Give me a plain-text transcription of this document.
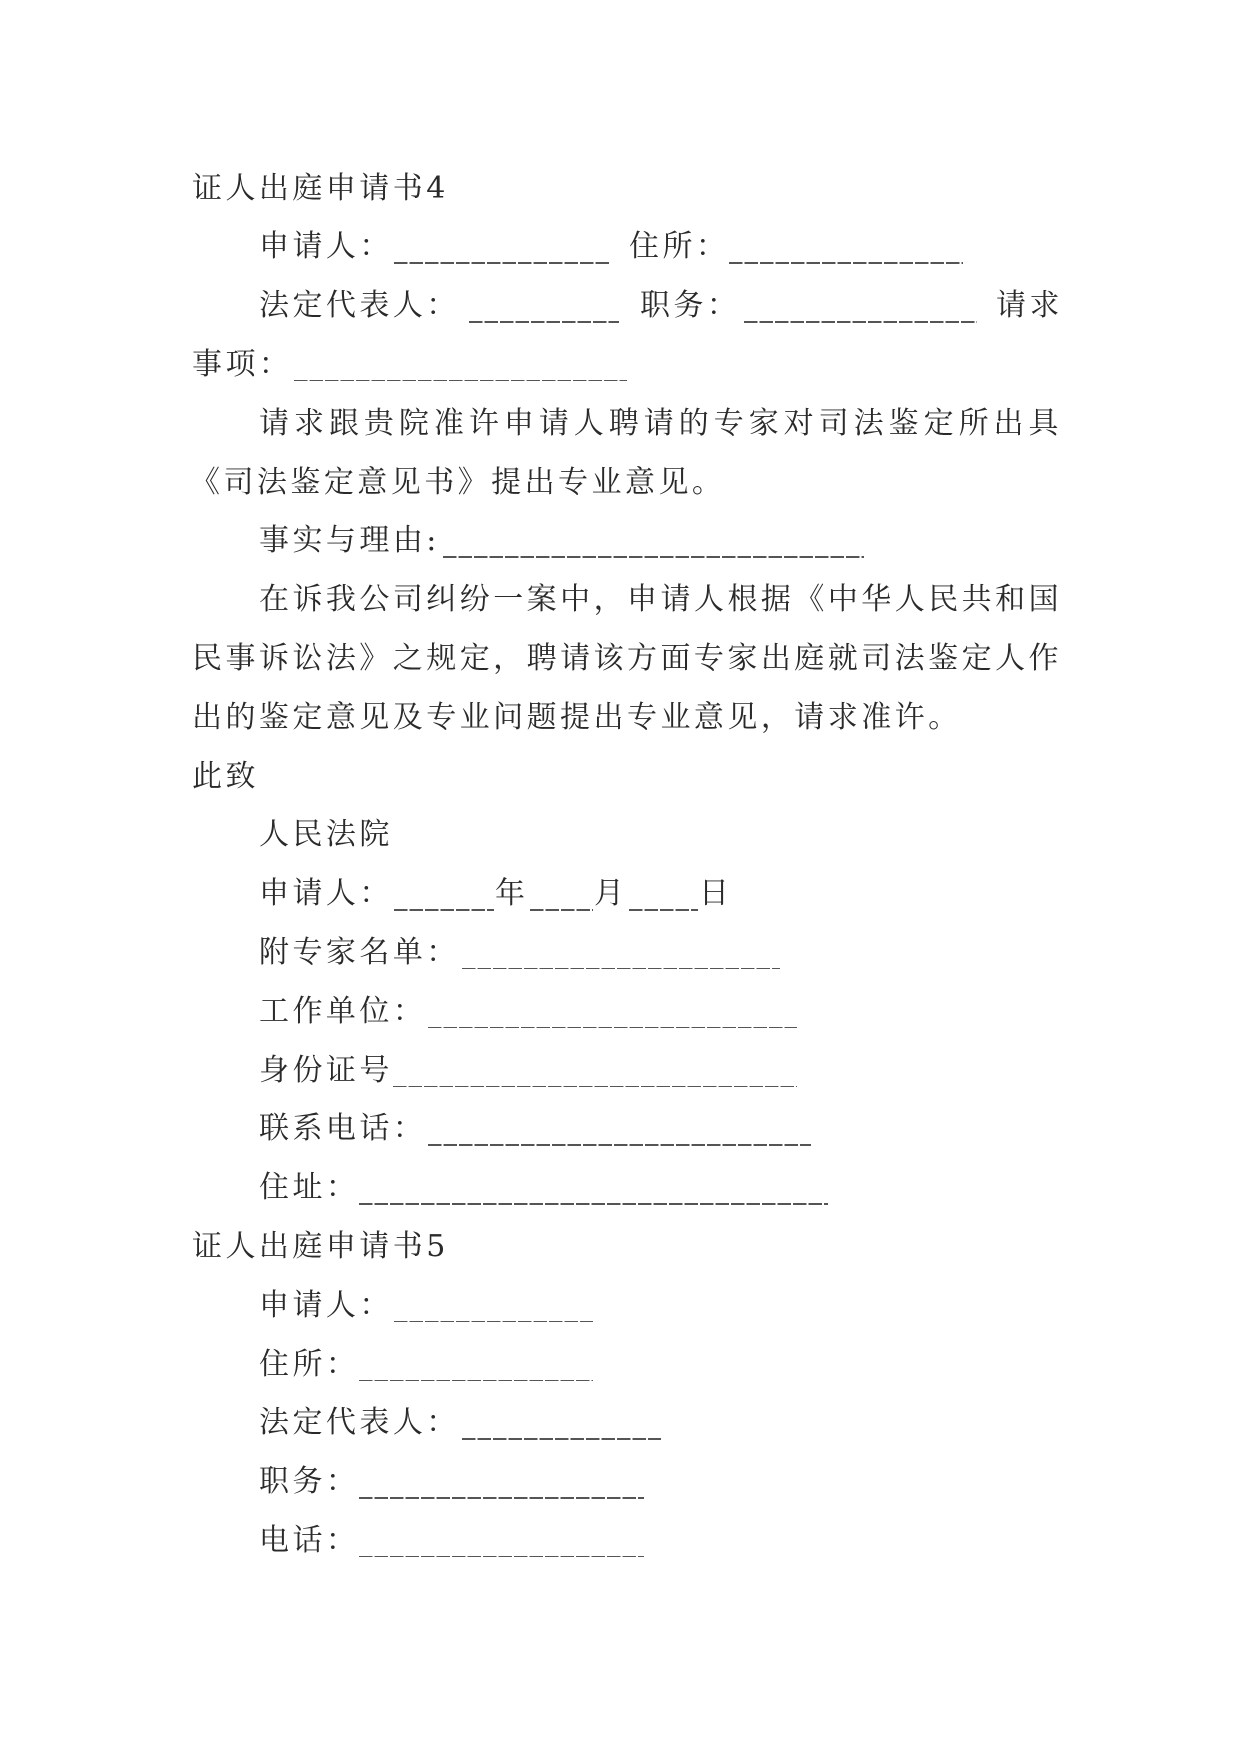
证人出庭申请书4
申请人：	住所：
法定代表人：	职务：	请求
事项：
请求跟贵院准许申请人聘请的专家对司法鉴定所出具
《司法鉴定意见书》提出专业意见。
事实与理由:
在诉我公司纠纷一案中，申请人根据《中华人民共和国
民事诉讼法》之规定，聘请该方面专家出庭就司法鉴定人作
出的鉴定意见及专业问题提出专业意见，请求准许。
此致
人民法院
申请人：	年 月 日
附专家名单：
工作单位：
身份证号
联系电话：
住址：
证人出庭申请书5
申请人：
住所：
法定代表人：
职务：
电话：
